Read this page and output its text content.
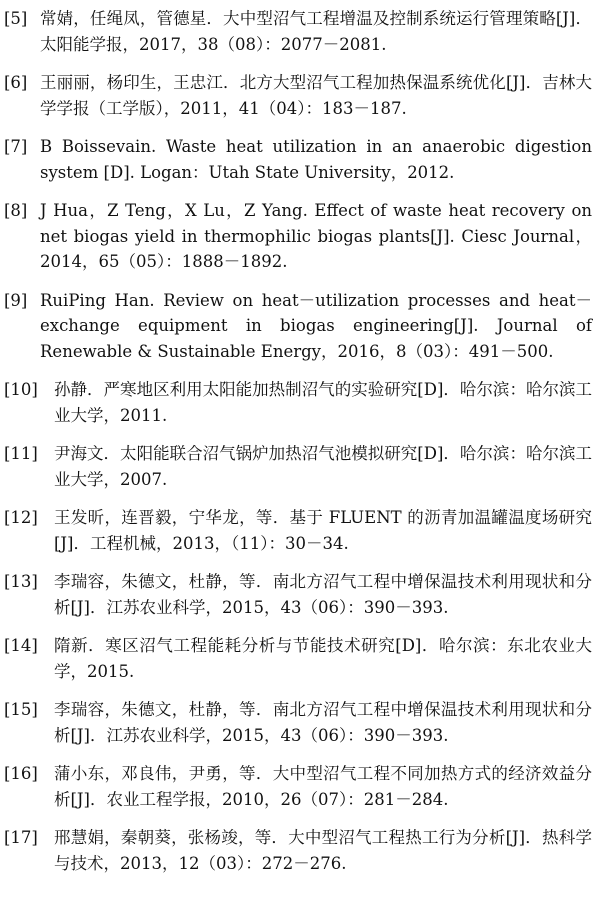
[5] 常婧，任绳凤，管德星．大中型沼气工程增温及控制系统运行管理策略[J]．太阳能学报，2017，38（08）：2077－2081.
[6] 王丽丽，杨印生，王忠江．北方大型沼气工程加热保温系统优化[J]．吉林大学学报（工学版），2011，41（04）：183－187.
[7] B Boissevain. Waste heat utilization in an anaerobic digestion system [D]. Logan：Utah State University，2012.
[8] J Hua，Z Teng，X Lu，Z Yang. Effect of waste heat recovery on net biogas yield in thermophilic biogas plants[J]. Ciesc Journal，2014，65（05）：1888－1892.
[9] RuiPing Han. Review on heat－utilization processes and heat－exchange equipment in biogas engineering[J]. Journal of Renewable & Sustainable Energy，2016，8（03）：491－500.
[10] 孙静．严寒地区利用太阳能加热制沼气的实验研究[D]．哈尔滨：哈尔滨工业大学，2011.
[11] 尹海文．太阳能联合沼气锅炉加热沼气池模拟研究[D]．哈尔滨：哈尔滨工业大学，2007.
[12] 王发昕，连晋毅，宁华龙，等．基于 FLUENT 的沥青加温罐温度场研究[J]．工程机械，2013，（11）：30－34.
[13] 李瑞容，朱德文，杜静，等．南北方沼气工程中增保温技术利用现状和分析[J]．江苏农业科学，2015，43（06）：390－393.
[14] 隋新．寒区沼气工程能耗分析与节能技术研究[D]．哈尔滨：东北农业大学，2015.
[15] 李瑞容，朱德文，杜静，等．南北方沼气工程中增保温技术利用现状和分析[J]．江苏农业科学，2015，43（06）：390－393.
[16] 蒲小东，邓良伟，尹勇，等．大中型沼气工程不同加热方式的经济效益分析[J]．农业工程学报，2010，26（07）：281－284.
[17] 邢慧娟，秦朝葵，张杨竣，等．大中型沼气工程热工行为分析[J]．热科学与技术，2013，12（03）：272－276.
